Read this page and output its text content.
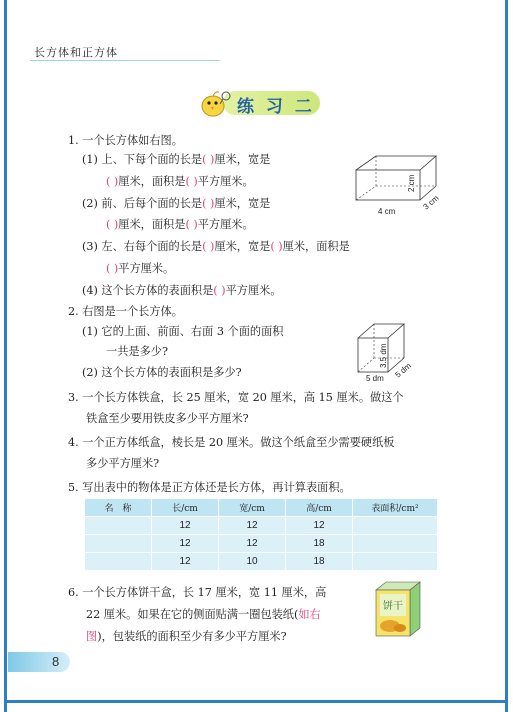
长方体和正方体
练 习 二
1. 一个长方体如右图。
(1) 上、下每个面的长是( )厘米，宽是
( )厘米，面积是( )平方厘米。
(2) 前、后每个面的长是( )厘米，宽是
( )厘米，面积是( )平方厘米。
(3) 左、右每个面的长是( )厘米，宽是( )厘米，面积是
( )平方厘米。
(4) 这个长方体的表面积是( )平方厘米。
4 cm	3 cm
2 cm
2. 右图是一个长方体。
(1) 它的上面、前面、右面 3 个面的面积
一共是多少?
(2) 这个长方体的表面积是多少?	5 dm 5 dm
3.5 dm
3. 一个长方体铁盒，长 25 厘米，宽 20 厘米，高 15 厘米。做这个
铁盒至少要用铁皮多少平方厘米?
4. 一个正方体纸盒，棱长是 20 厘米。做这个纸盒至少需要硬纸板
多少平方厘米?
5. 写出表中的物体是正方体还是长方体，再计算表面积。
名　称	长/cm	宽/cm	高/cm	表面积/cm²
	12	12	12	
	12	12	18	
	12	10	18	
6. 一个长方体饼干盒，长 17 厘米，宽 11 厘米，高
22 厘米。如果在它的侧面贴满一圈包装纸(如右
图)，包装纸的面积至少有多少平方厘米?
饼干
8
